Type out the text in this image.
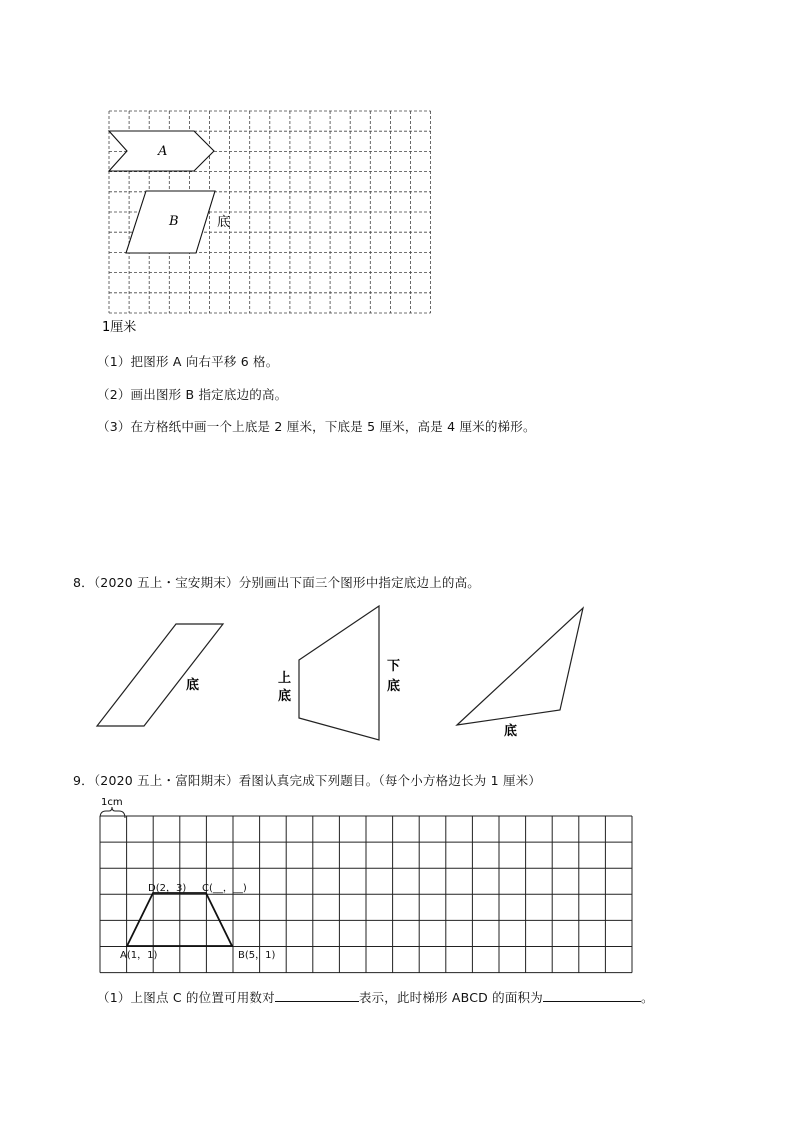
A
B	底
1厘米
（1）把图形 A 向右平移 6 格。
（2）画出图形 B 指定底边的高。
（3）在方格纸中画一个上底是 2 厘米，下底是 5 厘米，高是 4 厘米的梯形。
8．（2020 五上・宝安期末）分别画出下面三个图形中指定底边上的高。
底	上
底
下
底
底
9．（2020 五上・富阳期末）看图认真完成下列题目。（每个小方格边长为 1 厘米）
1cm
D(2，3) C(__，__)
A(1，1)	B(5，1)
（1）上图点 C 的位置可用数对	表示，此时梯形 ABCD 的面积为	。
